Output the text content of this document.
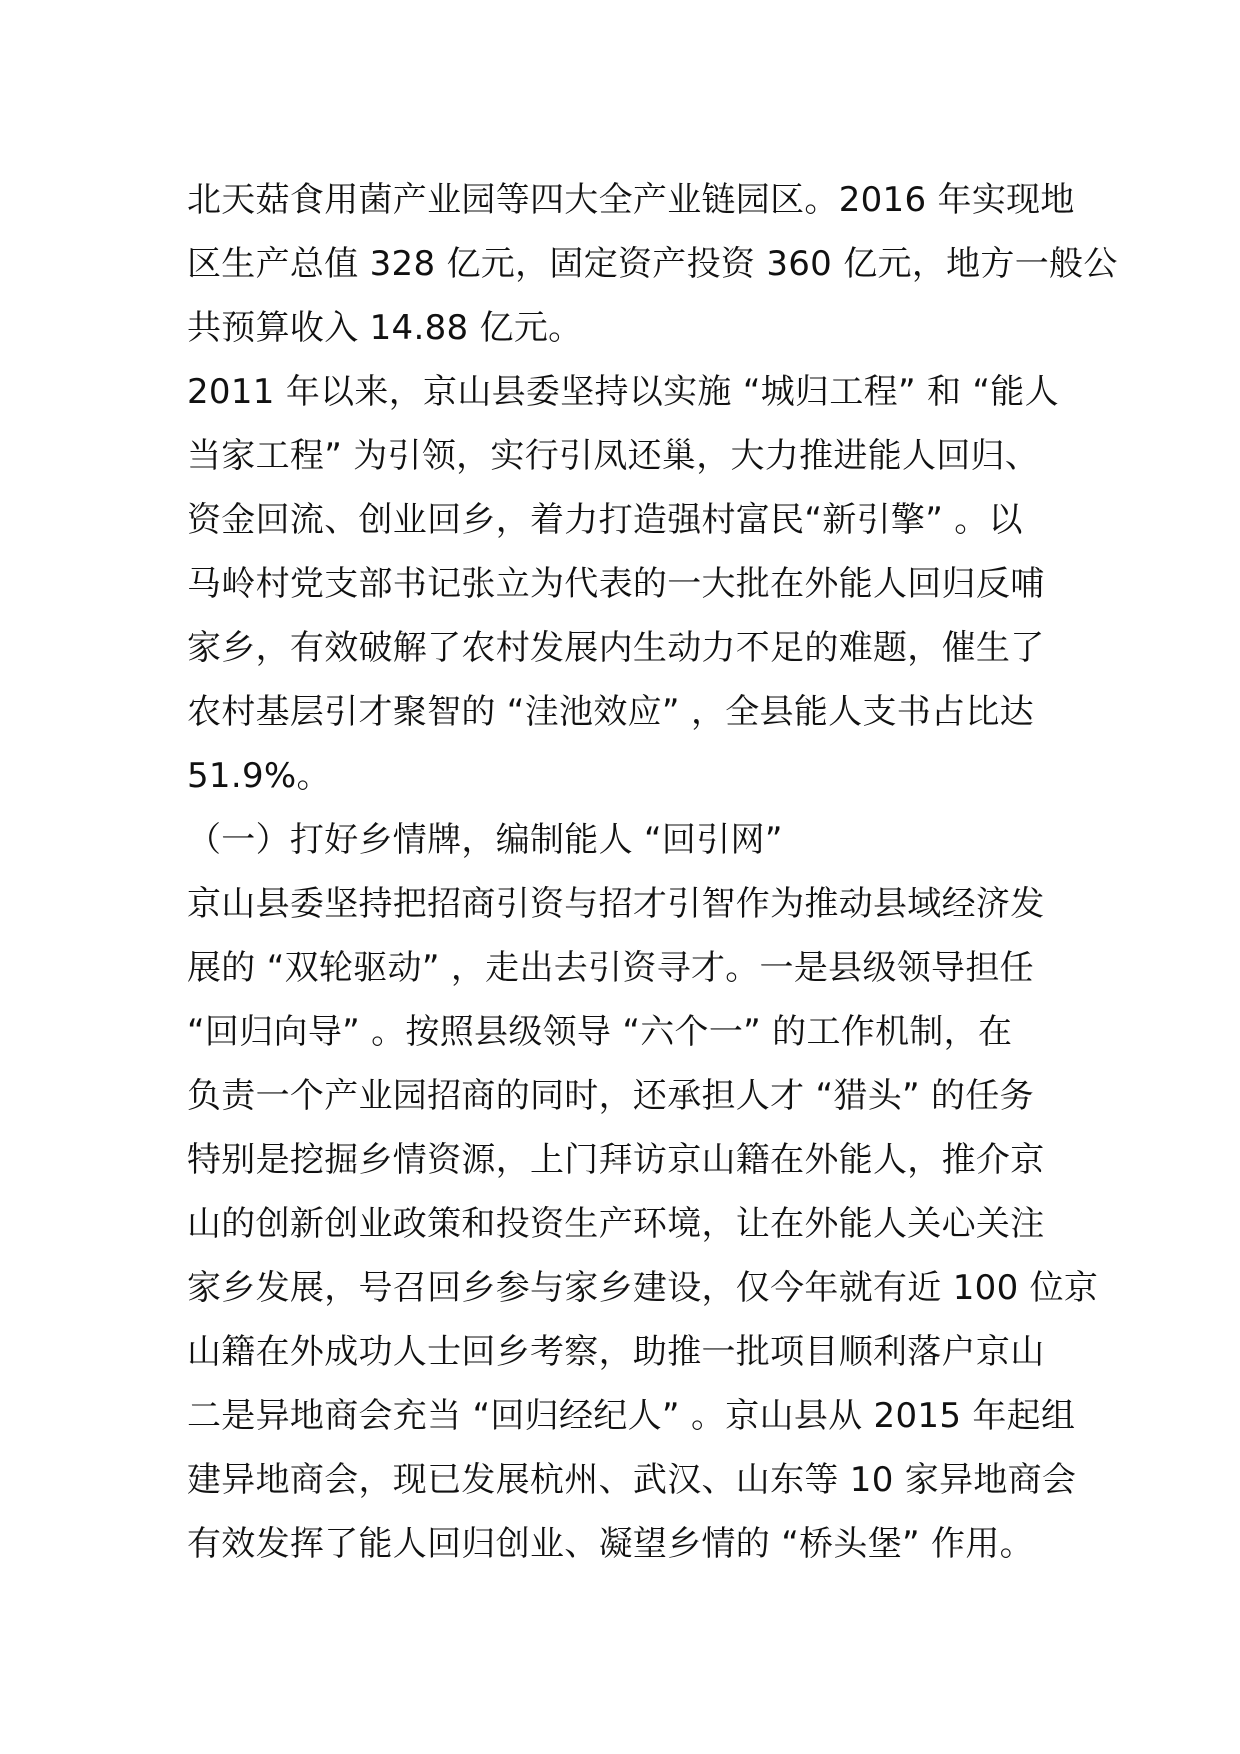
北天菇食用菌产业园等四大全产业链园区。2016 年实现地
区生产总值 328 亿元，固定资产投资 360 亿元，地方一般公
共预算收入 14.88 亿元。
2011 年以来，京山县委坚持以实施 “城归工程” 和 “能人
当家工程” 为引领，实行引凤还巢，大力推进能人回归、
资金回流、创业回乡，着力打造强村富民“新引擎” 。以
马岭村党支部书记张立为代表的一大批在外能人回归反哺
家乡，有效破解了农村发展内生动力不足的难题，催生了
农村基层引才聚智的 “洼池效应” ，全县能人支书占比达
51.9%。
（一）打好乡情牌，编制能人 “回引网”
京山县委坚持把招商引资与招才引智作为推动县域经济发
展的 “双轮驱动” ，走出去引资寻才。一是县级领导担任
“回归向导” 。按照县级领导 “六个一” 的工作机制，在
负责一个产业园招商的同时，还承担人才 “猎头” 的任务
特别是挖掘乡情资源，上门拜访京山籍在外能人，推介京
山的创新创业政策和投资生产环境，让在外能人关心关注
家乡发展，号召回乡参与家乡建设，仅今年就有近 100 位京
山籍在外成功人士回乡考察，助推一批项目顺利落户京山
二是异地商会充当 “回归经纪人” 。京山县从 2015 年起组
建异地商会，现已发展杭州、武汉、山东等 10 家异地商会
有效发挥了能人回归创业、凝望乡情的 “桥头堡” 作用。
